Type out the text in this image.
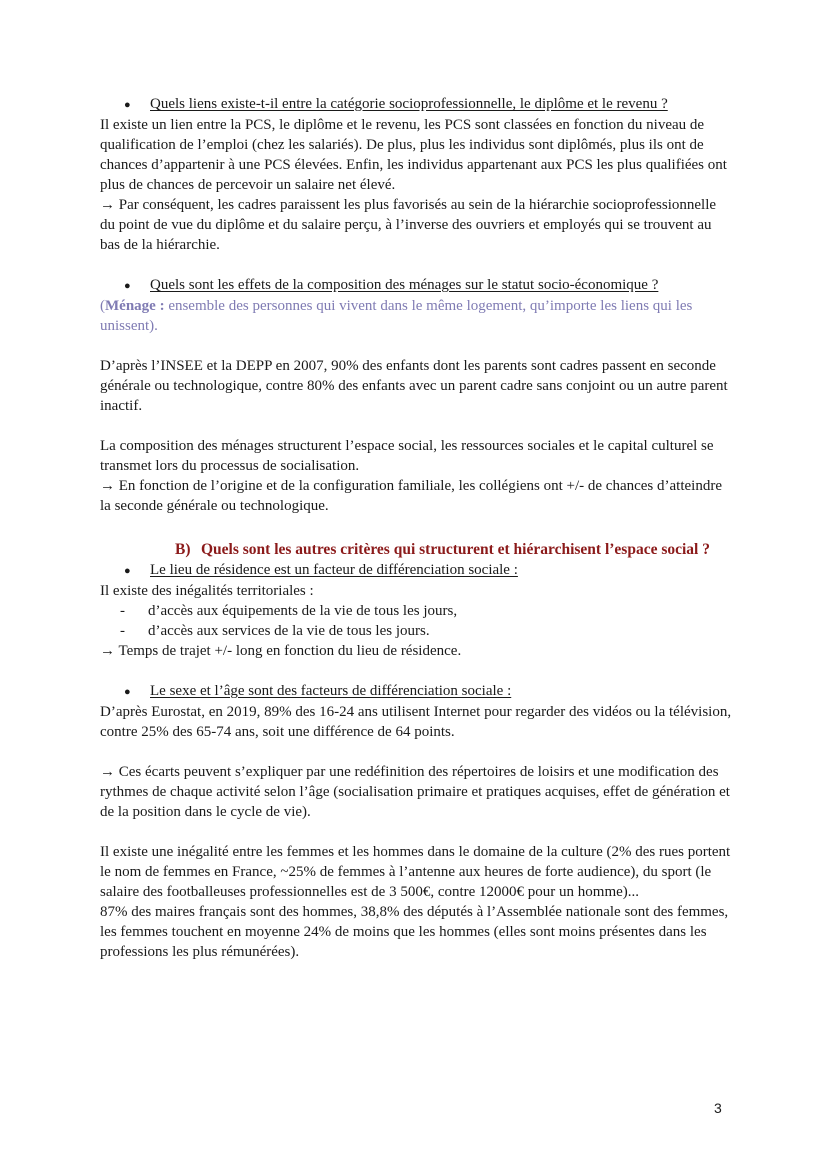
●	Quels liens existe-t-il entre la catégorie socioprofessionnelle, le diplôme et le revenu ?

Il existe un lien entre la PCS, le diplôme et le revenu, les PCS sont classées en fonction du niveau de qualification de l’emploi (chez les salariés). De plus, plus les individus sont diplômés, plus ils ont de chances d’appartenir à une PCS élevées. Enfin, les individus appartenant aux PCS les plus qualifiées ont plus de chances de percevoir un salaire net élevé.

→ Par conséquent, les cadres paraissent les plus favorisés au sein de la hiérarchie socioprofessionnelle du point de vue du diplôme et du salaire perçu, à l’inverse des ouvriers et employés qui se trouvent au bas de la hiérarchie.

●	Quels sont les effets de la composition des ménages sur le statut socio-économique ?

(Ménage : ensemble des personnes qui vivent dans le même logement, qu’importe les liens qui les unissent).

D’après l’INSEE et la DEPP en 2007, 90% des enfants dont les parents sont cadres passent en seconde générale ou technologique, contre 80% des enfants avec un parent cadre sans conjoint ou un autre parent inactif.

La composition des ménages structurent l’espace social, les ressources sociales et le capital culturel se transmet lors du processus de socialisation.

→ En fonction de l’origine et de la configuration familiale, les collégiens ont +/- de chances d’atteindre la seconde générale ou technologique.

B) Quels sont les autres critères qui structurent et hiérarchisent l’espace social ?

●	Le lieu de résidence est un facteur de différenciation sociale :

Il existe des inégalités territoriales :

-	d’accès aux équipements de la vie de tous les jours,

-	d’accès aux services de la vie de tous les jours.

→ Temps de trajet +/- long en fonction du lieu de résidence.

●	Le sexe et l’âge sont des facteurs de différenciation sociale :

D’après Eurostat, en 2019, 89% des 16-24 ans utilisent Internet pour regarder des vidéos ou la télévision, contre 25% des 65-74 ans, soit une différence de 64 points.

→ Ces écarts peuvent s’expliquer par une redéfinition des répertoires de loisirs et une modification des rythmes de chaque activité selon l’âge (socialisation primaire et pratiques acquises, effet de génération et de la position dans le cycle de vie).

Il existe une inégalité entre les femmes et les hommes dans le domaine de la culture (2% des rues portent le nom de femmes en France, ~25% de femmes à l’antenne aux heures de forte audience), du sport (le salaire des footballeuses professionnelles est de 3 500€, contre 12000€ pour un homme)...

87% des maires français sont des hommes, 38,8% des députés à l’Assemblée nationale sont des femmes, les femmes touchent en moyenne 24% de moins que les hommes (elles sont moins présentes dans les professions les plus rémunérées).

3
